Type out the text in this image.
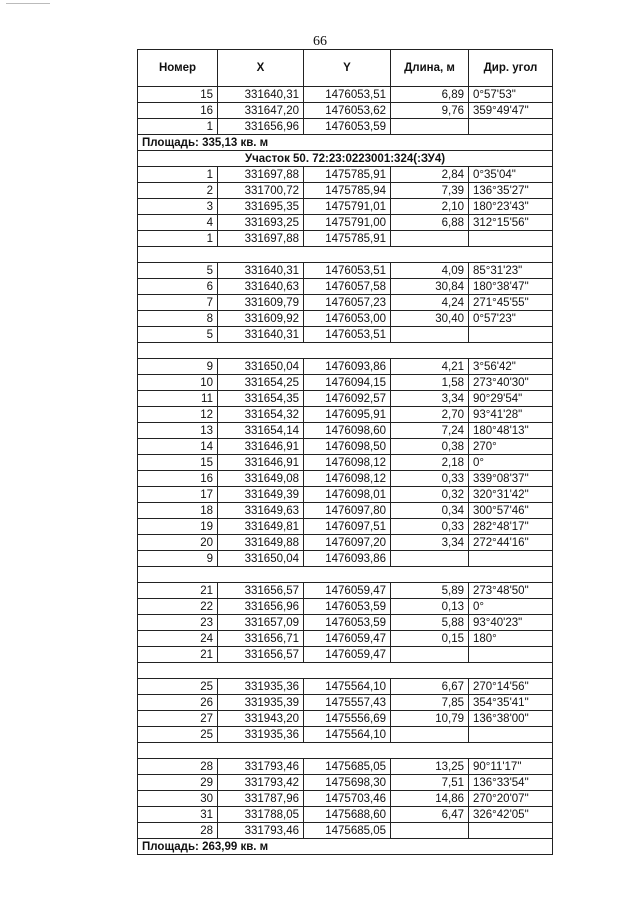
66
Номер	X	Y	Длина, м	Дир. угол
15	331640,31	1476053,51	6,89	0°57'53"
16	331647,20	1476053,62	9,76	359°49'47"
1	331656,96	1476053,59		
Площадь: 335,13 кв. м				
Участок 50. 72:23:0223001:324(:ЗУ4)				
1	331697,88	1475785,91	2,84	0°35'04"
2	331700,72	1475785,94	7,39	136°35'27"
3	331695,35	1475791,01	2,10	180°23'43"
4	331693,25	1475791,00	6,88	312°15'56"
1	331697,88	1475785,91		

5	331640,31	1476053,51	4,09	85°31'23"
6	331640,63	1476057,58	30,84	180°38'47"
7	331609,79	1476057,23	4,24	271°45'55"
8	331609,92	1476053,00	30,40	0°57'23"
5	331640,31	1476053,51		

9	331650,04	1476093,86	4,21	3°56'42"
10	331654,25	1476094,15	1,58	273°40'30"
11	331654,35	1476092,57	3,34	90°29'54"
12	331654,32	1476095,91	2,70	93°41'28"
13	331654,14	1476098,60	7,24	180°48'13"
14	331646,91	1476098,50	0,38	270°
15	331646,91	1476098,12	2,18	0°
16	331649,08	1476098,12	0,33	339°08'37"
17	331649,39	1476098,01	0,32	320°31'42"
18	331649,63	1476097,80	0,34	300°57'46"
19	331649,81	1476097,51	0,33	282°48'17"
20	331649,88	1476097,20	3,34	272°44'16"
9	331650,04	1476093,86		

21	331656,57	1476059,47	5,89	273°48'50"
22	331656,96	1476053,59	0,13	0°
23	331657,09	1476053,59	5,88	93°40'23"
24	331656,71	1476059,47	0,15	180°
21	331656,57	1476059,47		

25	331935,36	1475564,10	6,67	270°14'56"
26	331935,39	1475557,43	7,85	354°35'41"
27	331943,20	1475556,69	10,79	136°38'00"
25	331935,36	1475564,10		

28	331793,46	1475685,05	13,25	90°11'17"
29	331793,42	1475698,30	7,51	136°33'54"
30	331787,96	1475703,46	14,86	270°20'07"
31	331788,05	1475688,60	6,47	326°42'05"
28	331793,46	1475685,05		
Площадь: 263,99 кв. м				
